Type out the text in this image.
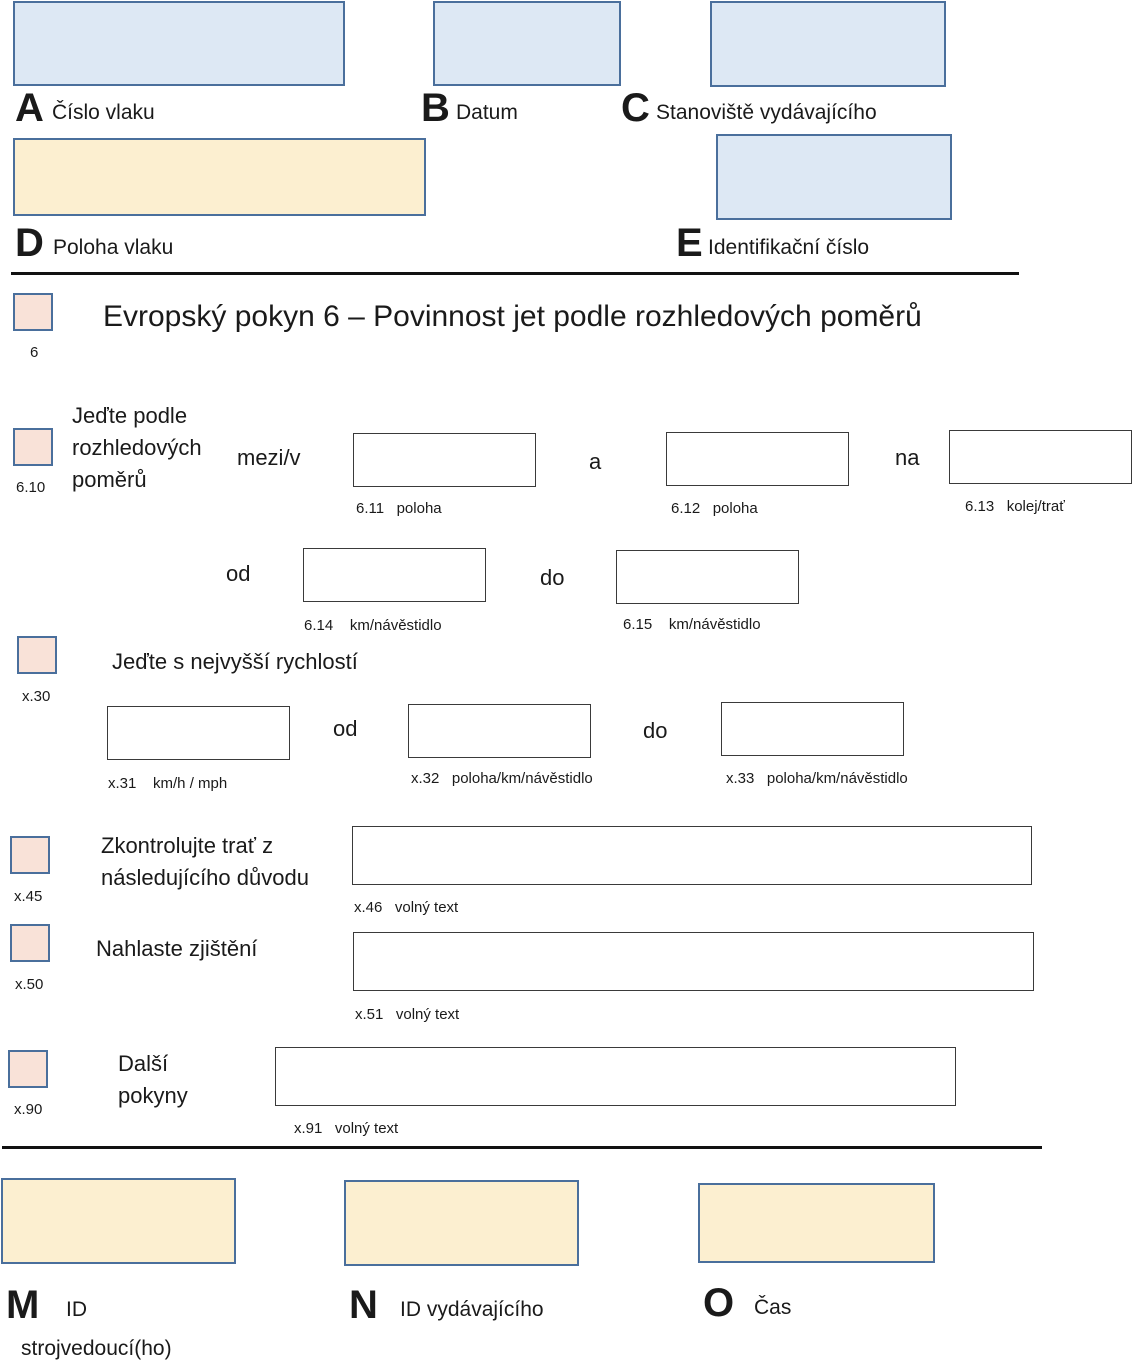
A Číslo vlaku	B Datum	C Stanoviště vydávajícího
D Poloha vlaku	E Identifikační číslo
6
Evropský pokyn 6 – Povinnost jet podle rozhledových poměrů
6.10
Jeďte podle
rozhledových
poměrů
mezi/v
6.11   poloha
a
6.12   poloha
na
6.13   kolej/trať
od
6.14    km/návěstidlo
do
6.15    km/návěstidlo
x.30
Jeďte s nejvyšší rychlostí
x.31    km/h / mph
od
x.32   poloha/km/návěstidlo
do
x.33   poloha/km/návěstidlo
x.45
Zkontrolujte trať z
následujícího důvodu
x.46   volný text
x.50
Nahlaste zjištění
x.51   volný text
x.90
Další
pokyny
x.91   volný text
M ID
strojvedoucí(ho)
N ID vydávajícího	O Čas
